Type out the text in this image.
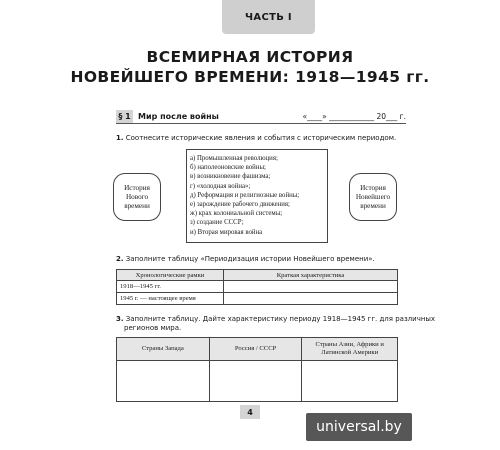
ЧАСТЬ I
ВСЕМИРНАЯ ИСТОРИЯ
НОВЕЙШЕГО ВРЕМЕНИ: 1918—1945 гг.
§ 1 Мир после войны	«____» ____________ 20___ г.
1. Соотнесите исторические явления и события с историческим периодом.
История
Нового
времени
а) Промышленная революция;
б) наполеоновские войны;
в) возникновение фашизма;
г) «холодная война»;
д) Реформация и религиозные войны;
е) зарождение рабочего движения;
ж) крах колониальной системы;
з) создание СССР;
и) Вторая мировая война
История
Новейшего
времени
2. Заполните таблицу «Периодизация истории Новейшего времени».
Хронологические рамки	Краткая характеристика
1918—1945 гг.	
1945 г. — настоящее время	
3. Заполните таблицу. Дайте характеристику периоду 1918—1945 гг. для различных
регионов мира.
Страны Запада	Россия / СССР	Страны Азии, Африки и Латинской Америки

4
universal.by
